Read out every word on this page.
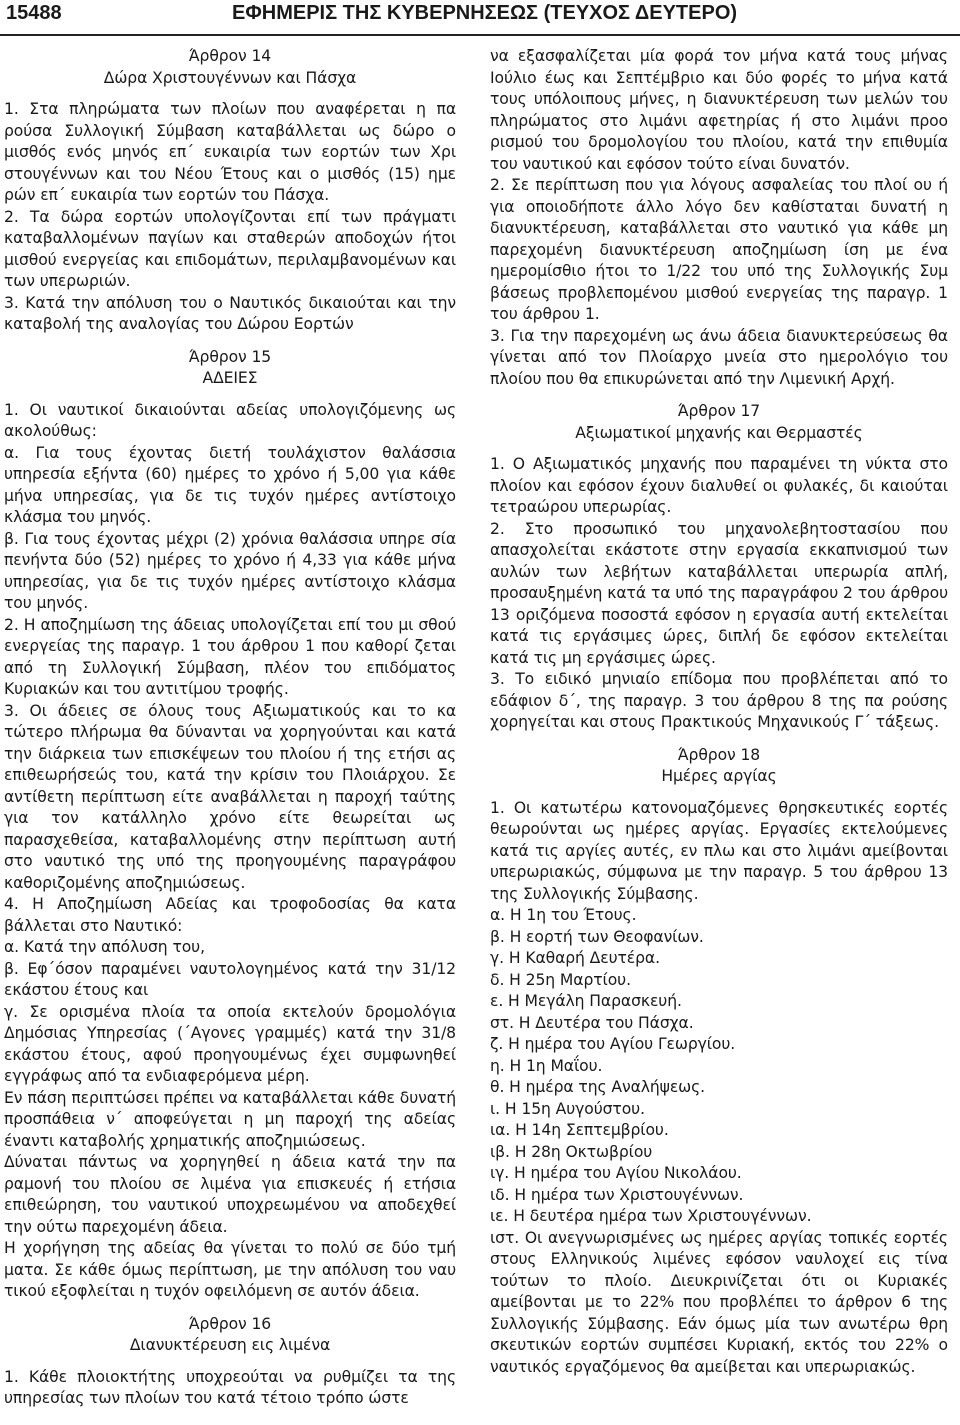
15488	ΕΦΗΜΕΡΙΣ ΤΗΣ ΚΥΒΕΡΝΗΣΕΩΣ (ΤΕΥΧΟΣ ΔΕΥΤΕΡΟ)
Άρθρον 14
Δώρα Χριστουγέννων και Πάσχα

1. Στα πληρώματα των πλοίων που αναφέρεται η πα ρούσα Συλλογική Σύμβαση καταβάλλεται ως δώρο ο μισθός ενός μηνός επ΄ ευκαιρία των εορτών των Χρι στουγέννων και του Νέου Έτους και ο μισθός (15) ημε ρών επ΄ ευκαιρία των εορτών του Πάσχα.

2. Τα δώρα εορτών υπολογίζονται επί των πράγματι καταβαλλομένων παγίων και σταθερών αποδοχών ήτοι μισθού ενεργείας και επιδομάτων, περιλαμβανομένων και των υπερωριών.

3. Κατά την απόλυση του ο Ναυτικός δικαιούται και την καταβολή της αναλογίας του Δώρου Εορτών

Άρθρον 15
ΑΔΕΙΕΣ

1. Οι ναυτικοί δικαιούνται αδείας υπολογιζόμενης ως ακολούθως:

α. Για τους έχοντας διετή τουλάχιστον θαλάσσια υπηρεσία εξήντα (60) ημέρες το χρόνο ή 5,00 για κάθε μήνα υπηρεσίας, για δε τις τυχόν ημέρες αντίστοιχο κλάσμα του μηνός.

β. Για τους έχοντας μέχρι (2) χρόνια θαλάσσια υπηρε σία πενήντα δύο (52) ημέρες το χρόνο ή 4,33 για κάθε μήνα υπηρεσίας, για δε τις τυχόν ημέρες αντίστοιχο κλάσμα του μηνός.

2. Η αποζημίωση της άδειας υπολογίζεται επί του μι σθού ενεργείας της παραγρ. 1 του άρθρου 1 που καθορί ζεται από τη Συλλογική Σύμβαση, πλέον του επιδόματος Κυριακών και του αντιτίμου τροφής.

3. Οι άδειες σε όλους τους Αξιωματικούς και το κα τώτερο πλήρωμα θα δύνανται να χορηγούνται και κατά την διάρκεια των επισκέψεων του πλοίου ή της ετήσι ας επιθεωρήσεώς του, κατά την κρίσιν του Πλοιάρχου. Σε αντίθετη περίπτωση είτε αναβάλλεται η παροχή ταύτης για τον κατάλληλο χρόνο είτε θεωρείται ως παρασχεθείσα, καταβαλλομένης στην περίπτωση αυτή στο ναυτικό της υπό της προηγουμένης παραγράφου καθοριζομένης αποζημιώσεως.

4. Η Αποζημίωση Αδείας και τροφοδοσίας θα κατα βάλλεται στο Ναυτικό:

α. Κατά την απόλυση του,

β. Εφ΄όσον παραμένει ναυτολογημένος κατά την 31/12 εκάστου έτους και

γ. Σε ορισμένα πλοία τα οποία εκτελούν δρομολόγια Δημόσιας Υπηρεσίας (΄Αγονες γραμμές) κατά την 31/8 εκάστου έτους, αφού προηγουμένως έχει συμφωνηθεί εγγράφως από τα ενδιαφερόμενα μέρη.

Εν πάση περιπτώσει πρέπει να καταβάλλεται κάθε δυνατή προσπάθεια ν΄ αποφεύγεται η μη παροχή της αδείας έναντι καταβολής χρηματικής αποζημιώσεως.

Δύναται πάντως να χορηγηθεί η άδεια κατά την πα ραμονή του πλοίου σε λιμένα για επισκευές ή ετήσια επιθεώρηση, του ναυτικού υποχρεωμένου να αποδεχθεί την ούτω παρεχομένη άδεια.

Η χορήγηση της αδείας θα γίνεται το πολύ σε δύο τμή ματα. Σε κάθε όμως περίπτωση, με την απόλυση του ναυ τικού εξοφλείται η τυχόν οφειλόμενη σε αυτόν άδεια.

Άρθρον 16
Διανυκτέρευση εις λιμένα

1. Κάθε πλοιοκτήτης υποχρεούται να ρυθμίζει τα της υπηρεσίας των πλοίων του κατά τέτοιο τρόπο ώστε

να εξασφαλίζεται μία φορά τον μήνα κατά τους μήνας Ιούλιο έως και Σεπτέμβριο και δύο φορές το μήνα κατά τους υπόλοιπους μήνες, η διανυκτέρευση των μελών του πληρώματος στο λιμάνι αφετηρίας ή στο λιμάνι προο ρισμού του δρομολογίου του πλοίου, κατά την επιθυμία του ναυτικού και εφόσον τούτο είναι δυνατόν.

2. Σε περίπτωση που για λόγους ασφαλείας του πλοί ου ή για οποιοδήποτε άλλο λόγο δεν καθίσταται δυνατή η διανυκτέρευση, καταβάλλεται στο ναυτικό για κάθε μη παρεχομένη διανυκτέρευση αποζημίωση ίση με ένα ημερομίσθιο ήτοι το 1/22 του υπό της Συλλογικής Συμ βάσεως προβλεπομένου μισθού ενεργείας της παραγρ. 1 του άρθρου 1.

3. Για την παρεχομένη ως άνω άδεια διανυκτερεύσεως θα γίνεται από τον Πλοίαρχο μνεία στο ημερολόγιο του πλοίου που θα επικυρώνεται από την Λιμενική Αρχή.

Άρθρον 17
Αξιωματικοί μηχανής και Θερμαστές

1. Ο Αξιωματικός μηχανής που παραμένει τη νύκτα στο πλοίον και εφόσον έχουν διαλυθεί οι φυλακές, δι καιούται τετραώρου υπερωρίας.

2. Στο προσωπικό του μηχανολεβητοστασίου που απασχολείται εκάστοτε στην εργασία εκκαπνισμού των αυλών των λεβήτων καταβάλλεται υπερωρία απλή, προσαυξημένη κατά τα υπό της παραγράφου 2 του άρθρου 13 οριζόμενα ποσοστά εφόσον η εργασία αυτή εκτελείται κατά τις εργάσιμες ώρες, διπλή δε εφόσον εκτελείται κατά τις μη εργάσιμες ώρες.

3. Το ειδικό μηνιαίο επίδομα που προβλέπεται από το εδάφιον δ΄, της παραγρ. 3 του άρθρου 8 της πα ρούσης χορηγείται και στους Πρακτικούς Μηχανικούς Γ΄ τάξεως.

Άρθρον 18
Ημέρες αργίας

1. Οι κατωτέρω κατονομαζόμενες θρησκευτικές εορτές θεωρούνται ως ημέρες αργίας. Εργασίες εκτελούμενες κατά τις αργίες αυτές, εν πλω και στο λιμάνι αμείβονται υπερωριακώς, σύμφωνα με την παραγρ. 5 του άρθρου 13 της Συλλογικής Σύμβασης.

α. Η 1η του Έτους.

β. Η εορτή των Θεοφανίων.

γ. Η Καθαρή Δευτέρα.

δ. Η 25η Μαρτίου.

ε. Η Μεγάλη Παρασκευή.

στ. Η Δευτέρα του Πάσχα.

ζ. Η ημέρα του Αγίου Γεωργίου.

η. Η 1η Μαΐου.

θ. Η ημέρα της Αναλήψεως.

ι. Η 15η Αυγούστου.

ια. Η 14η Σεπτεμβρίου.

ιβ. Η 28η Οκτωβρίου

ιγ. Η ημέρα του Αγίου Νικολάου.

ιδ. Η ημέρα των Χριστουγέννων.

ιε. Η δευτέρα ημέρα των Χριστουγέννων.

ιστ. Οι ανεγνωρισμένες ως ημέρες αργίας τοπικές εορτές στους Ελληνικούς λιμένες εφόσον ναυλοχεί εις τίνα τούτων το πλοίο. Διευκρινίζεται ότι οι Κυριακές αμείβονται με το 22% που προβλέπει το άρθρον 6 της Συλλογικής Σύμβασης. Εάν όμως μία των ανωτέρω θρη σκευτικών εορτών συμπέσει Κυριακή, εκτός του 22% ο ναυτικός εργαζόμενος θα αμείβεται και υπερωριακώς.
